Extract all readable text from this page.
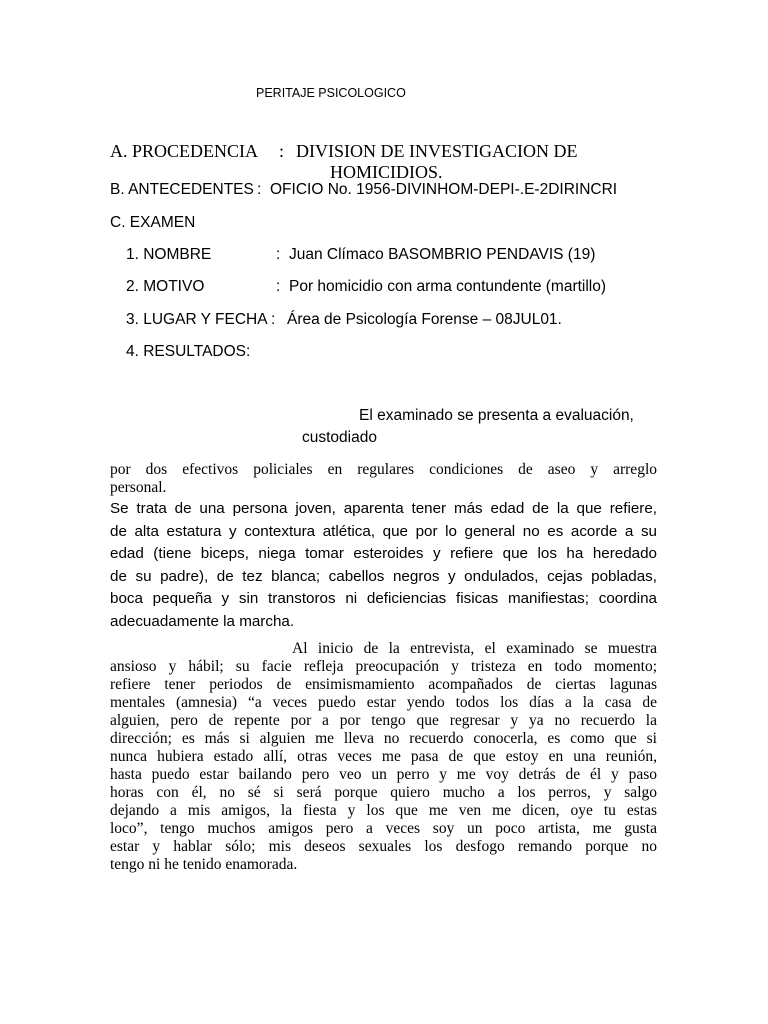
PERITAJE PSICOLOGICO
A. PROCEDENCIA : DIVISION DE INVESTIGACION DE
HOMICIDIOS.
B. ANTECEDENTES : OFICIO No. 1956-DIVINHOM-DEPI-.E-2DIRINCRI
C. EXAMEN
1. NOMBRE	: Juan Clímaco BASOMBRIO PENDAVIS (19)
2. MOTIVO	: Por homicidio con arma contundente (martillo)
3. LUGAR Y FECHA : Área de Psicología Forense – 08JUL01.
4. RESULTADOS:
El examinado se presenta a evaluación,
custodiado
por dos efectivos policiales en regulares condiciones de aseo y arreglo
personal.
Se trata de una persona joven, aparenta tener más edad de la que refiere,
de alta estatura y contextura atlética, que por lo general no es acorde a su
edad (tiene biceps, niega tomar esteroides y refiere que los ha heredado
de su padre), de tez blanca; cabellos negros y ondulados, cejas pobladas,
boca pequeña y sin transtoros ni deficiencias fisicas manifiestas; coordina
adecuadamente la marcha.
Al inicio de la entrevista, el examinado se muestra
ansioso y hábil; su facie refleja preocupación y tristeza en todo momento;
refiere tener periodos de ensimismamiento acompañados de ciertas lagunas
mentales (amnesia) “a veces puedo estar yendo todos los días a la casa de
alguien, pero de repente por a por tengo que regresar y ya no recuerdo la
dirección; es más si alguien me lleva no recuerdo conocerla, es como que si
nunca hubiera estado allí, otras veces me pasa de que estoy en una reunión,
hasta puedo estar bailando pero veo un perro y me voy detrás de él y paso
horas con él, no sé si será porque quiero mucho a los perros, y salgo
dejando a mis amigos, la fiesta y los que me ven me dicen, oye tu estas
loco”, tengo muchos amigos pero a veces soy un poco artista, me gusta
estar y hablar sólo; mis deseos sexuales los desfogo remando porque no
tengo ni he tenido enamorada.
